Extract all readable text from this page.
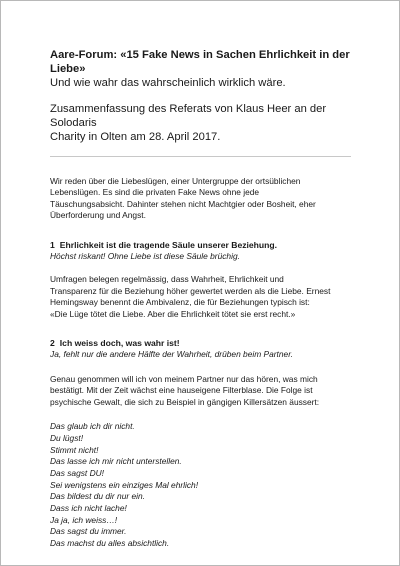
Aare-Forum: «15 Fake News in Sachen Ehrlichkeit in der Liebe»

Und wie wahr das wahrscheinlich wirklich wäre.

Zusammenfassung des Referats von Klaus Heer an der Solodaris
Charity in Olten am 28. April 2017.
Wir reden über die Liebeslügen, einer Untergruppe der ortsüblichen
Lebenslügen. Es sind die privaten Fake News ohne jede
Täuschungsabsicht. Dahinter stehen nicht Machtgier oder Bosheit, eher
Überforderung und Angst.

1 Ehrlichkeit ist die tragende Säule unserer Beziehung.

Höchst riskant! Ohne Liebe ist diese Säule brüchig.

Umfragen belegen regelmässig, dass Wahrheit, Ehrlichkeit und
Transparenz für die Beziehung höher gewertet werden als die Liebe. Ernest
Hemingsway benennt die Ambivalenz, die für Beziehungen typisch ist:
«Die Lüge tötet die Liebe. Aber die Ehrlichkeit tötet sie erst recht.»

2 Ich weiss doch, was wahr ist!

Ja, fehlt nur die andere Hälfte der Wahrheit, drüben beim Partner.

Genau genommen will ich von meinem Partner nur das hören, was mich
bestätigt. Mit der Zeit wächst eine hauseigene Filterblase. Die Folge ist
psychische Gewalt, die sich zu Beispiel in gängigen Killersätzen äussert:
Das glaub ich dir nicht.
Du lügst!
Stimmt nicht!
Das lasse ich mir nicht unterstellen.
Das sagst DU!
Sei wenigstens ein einziges Mal ehrlich!
Das bildest du dir nur ein.
Dass ich nicht lache!
Ja ja, ich weiss…!
Das sagst du immer.
Das machst du alles absichtlich.
